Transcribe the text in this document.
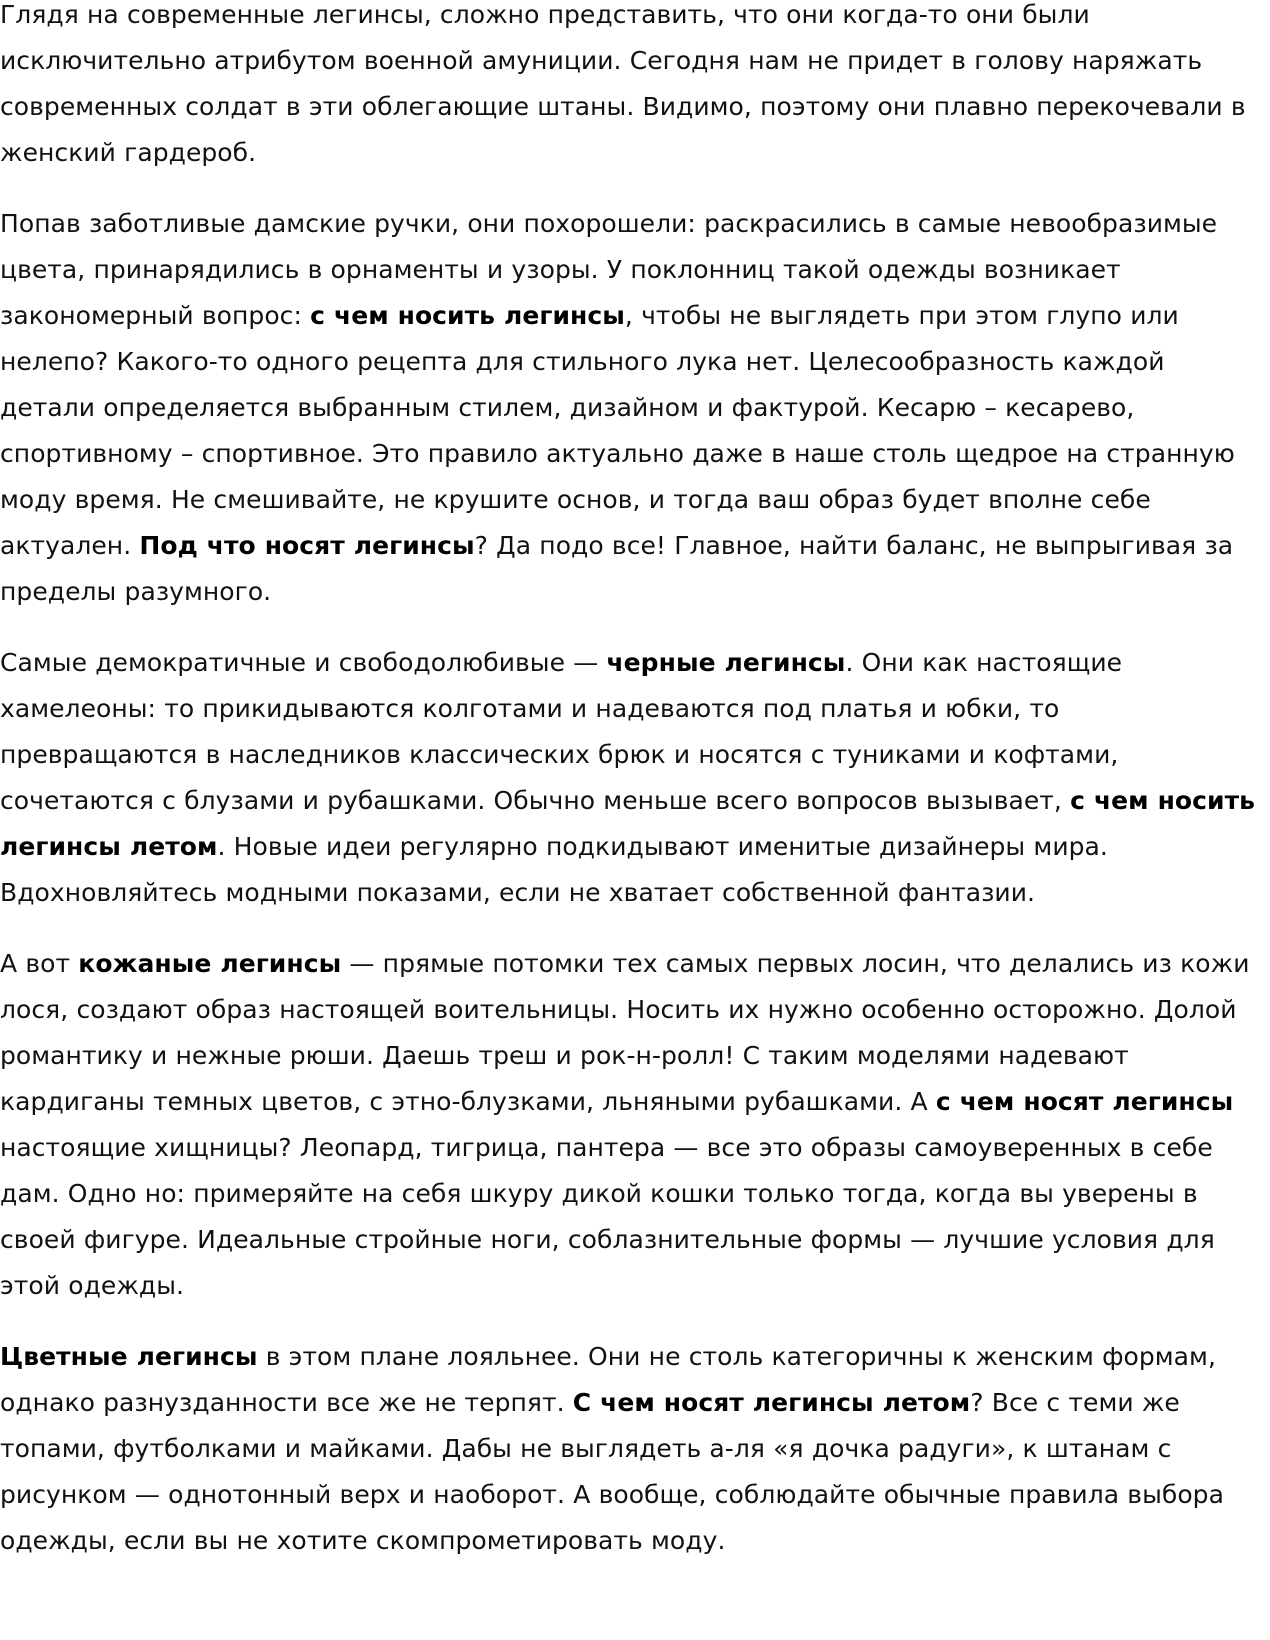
Глядя на современные легинсы, сложно представить, что они когда-то они были исключительно атрибутом военной амуниции. Сегодня нам не придет в голову наряжать современных солдат в эти облегающие штаны. Видимо, поэтому они плавно перекочевали в женский гардероб.

Попав заботливые дамские ручки, они похорошели: раскрасились в самые невообразимые цвета, принарядились в орнаменты и узоры. У поклонниц такой одежды возникает закономерный вопрос: с чем носить легинсы, чтобы не выглядеть при этом глупо или нелепо? Какого-то одного рецепта для стильного лука нет. Целесообразность каждой детали определяется выбранным стилем, дизайном и фактурой. Кесарю – кесарево, спортивному – спортивное. Это правило актуально даже в наше столь щедрое на странную моду время. Не смешивайте, не крушите основ, и тогда ваш образ будет вполне себе актуален. Под что носят легинсы? Да подо все! Главное, найти баланс, не выпрыгивая за пределы разумного.

Самые демократичные и свободолюбивые — черные легинсы. Они как настоящие хамелеоны: то прикидываются колготами и надеваются под платья и юбки, то превращаются в наследников классических брюк и носятся с туниками и кофтами, сочетаются с блузами и рубашками. Обычно меньше всего вопросов вызывает, с чем носить легинсы летом. Новые идеи регулярно подкидывают именитые дизайнеры мира. Вдохновляйтесь модными показами, если не хватает собственной фантазии.

А вот кожаные легинсы — прямые потомки тех самых первых лосин, что делались из кожи лося, создают образ настоящей воительницы. Носить их нужно особенно осторожно. Долой романтику и нежные рюши. Даешь треш и рок-н-ролл! С таким моделями надевают кардиганы темных цветов, с этно-блузками, льняными рубашками. А с чем носят легинсы настоящие хищницы? Леопард, тигрица, пантера — все это образы самоуверенных в себе дам. Одно но: примеряйте на себя шкуру дикой кошки только тогда, когда вы уверены в своей фигуре. Идеальные стройные ноги, соблазнительные формы — лучшие условия для этой одежды.

Цветные легинсы в этом плане лояльнее. Они не столь категоричны к женским формам, однако разнузданности все же не терпят. С чем носят легинсы летом? Все с теми же топами, футболками и майками. Дабы не выглядеть а-ля «я дочка радуги», к штанам с рисунком — однотонный верх и наоборот. А вообще, соблюдайте обычные правила выбора одежды, если вы не хотите скомпрометировать моду.
